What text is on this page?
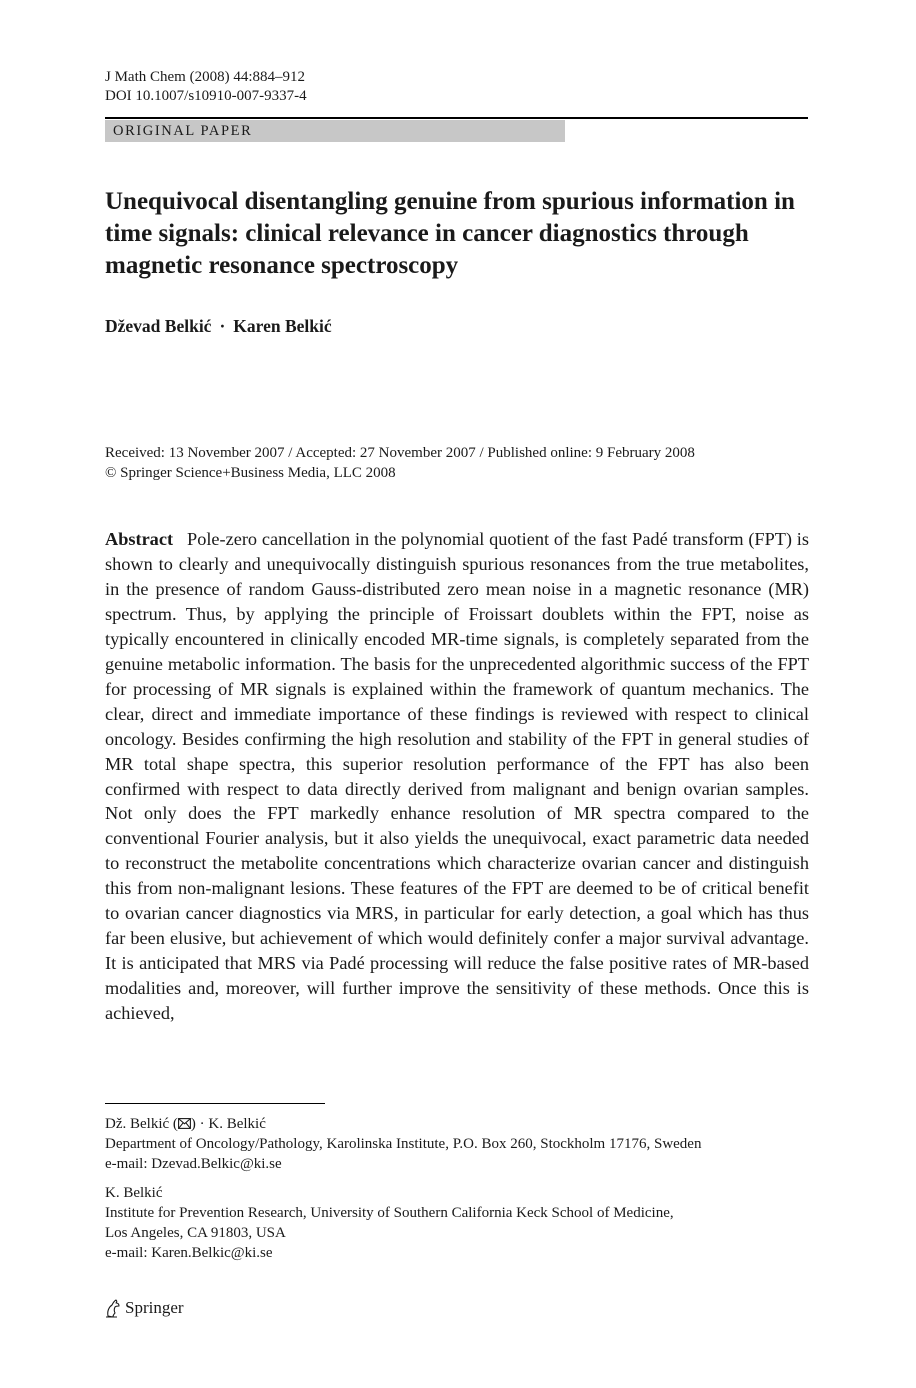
J Math Chem (2008) 44:884–912
DOI 10.1007/s10910-007-9337-4
ORIGINAL PAPER
Unequivocal disentangling genuine from spurious information in time signals: clinical relevance in cancer diagnostics through magnetic resonance spectroscopy
Dževad Belkić · Karen Belkić
Received: 13 November 2007 / Accepted: 27 November 2007 / Published online: 9 February 2008
© Springer Science+Business Media, LLC 2008

Abstract Pole-zero cancellation in the polynomial quotient of the fast Padé transform (FPT) is shown to clearly and unequivocally distinguish spurious resonances from the true metabolites, in the presence of random Gauss-distributed zero mean noise in a magnetic resonance (MR) spectrum. Thus, by applying the principle of Froissart doublets within the FPT, noise as typically encountered in clinically encoded MR-time signals, is completely separated from the genuine metabolic information. The basis for the unprecedented algorithmic success of the FPT for processing of MR signals is explained within the framework of quantum mechanics. The clear, direct and immediate importance of these findings is reviewed with respect to clinical oncology. Besides confirming the high resolution and stability of the FPT in general studies of MR total shape spectra, this superior resolution performance of the FPT has also been confirmed with respect to data directly derived from malignant and benign ovarian samples. Not only does the FPT markedly enhance resolution of MR spectra compared to the conventional Fourier analysis, but it also yields the unequivocal, exact parametric data needed to reconstruct the metabolite concentrations which characterize ovarian cancer and distinguish this from non-malignant lesions. These features of the FPT are deemed to be of critical benefit to ovarian cancer diagnostics via MRS, in particular for early detection, a goal which has thus far been elusive, but achievement of which would definitely confer a major survival advantage. It is anticipated that MRS via Padé processing will reduce the false positive rates of MR-based modalities and, moreover, will further improve the sensitivity of these methods. Once this is achieved,

Dž. Belkić ( ) · K. Belkić
Department of Oncology/Pathology, Karolinska Institute, P.O. Box 260, Stockholm 17176, Sweden
e-mail: Dzevad.Belkic@ki.se
K. Belkić
Institute for Prevention Research, University of Southern California Keck School of Medicine,
Los Angeles, CA 91803, USA
e-mail: Karen.Belkic@ki.se
Springer
